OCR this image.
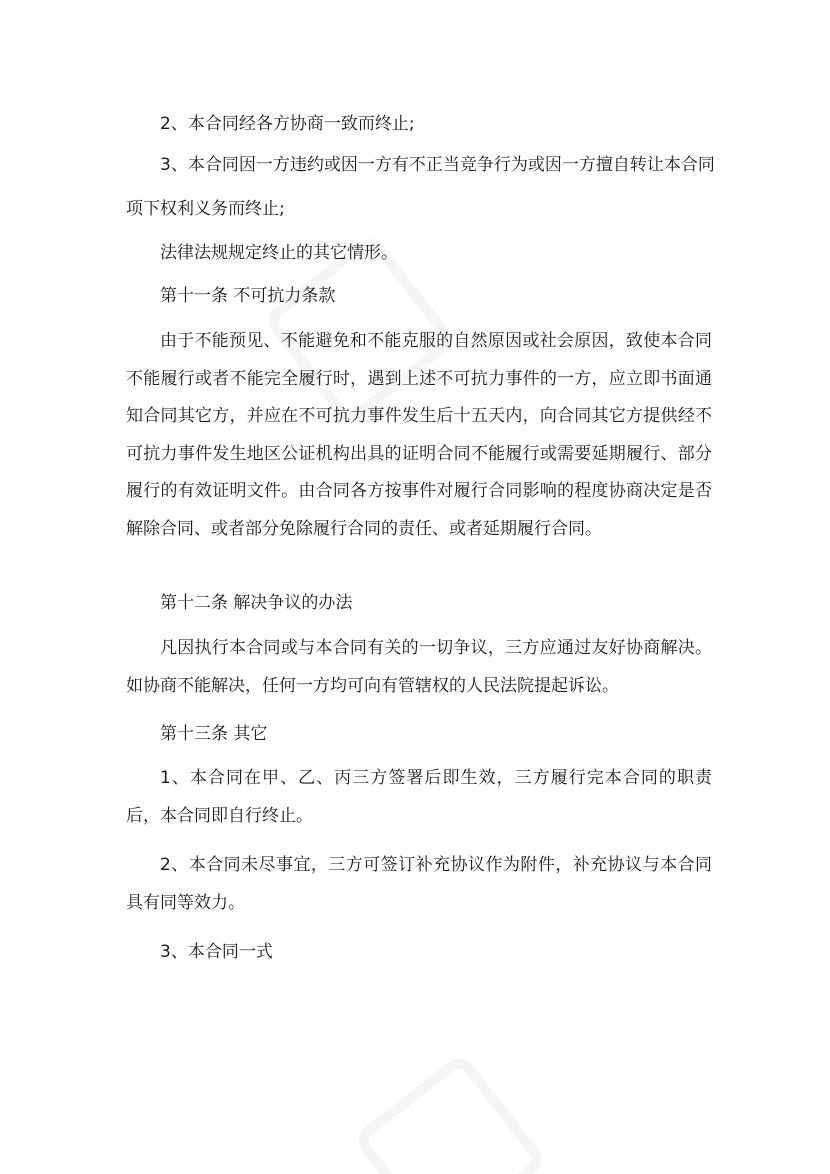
2、本合同经各方协商一致而终止;
3、本合同因一方违约或因一方有不正当竞争行为或因一方擅自转让本合同
项下权利义务而终止;
法律法规规定终止的其它情形。
第十一条 不可抗力条款
由于不能预见、不能避免和不能克服的自然原因或社会原因，致使本合同不能履行或者不能完全履行时，遇到上述不可抗力事件的一方，应立即书面通知合同其它方，并应在不可抗力事件发生后十五天内，向合同其它方提供经不可抗力事件发生地区公证机构出具的证明合同不能履行或需要延期履行、部分履行的有效证明文件。由合同各方按事件对履行合同影响的程度协商决定是否解除合同、或者部分免除履行合同的责任、或者延期履行合同。
第十二条 解决争议的办法
凡因执行本合同或与本合同有关的一切争议，三方应通过友好协商解决。如协商不能解决，任何一方均可向有管辖权的人民法院提起诉讼。
第十三条 其它
1、本合同在甲、乙、丙三方签署后即生效，三方履行完本合同的职责后，本合同即自行终止。
2、本合同未尽事宜，三方可签订补充协议作为附件，补充协议与本合同具有同等效力。
3、本合同一式
